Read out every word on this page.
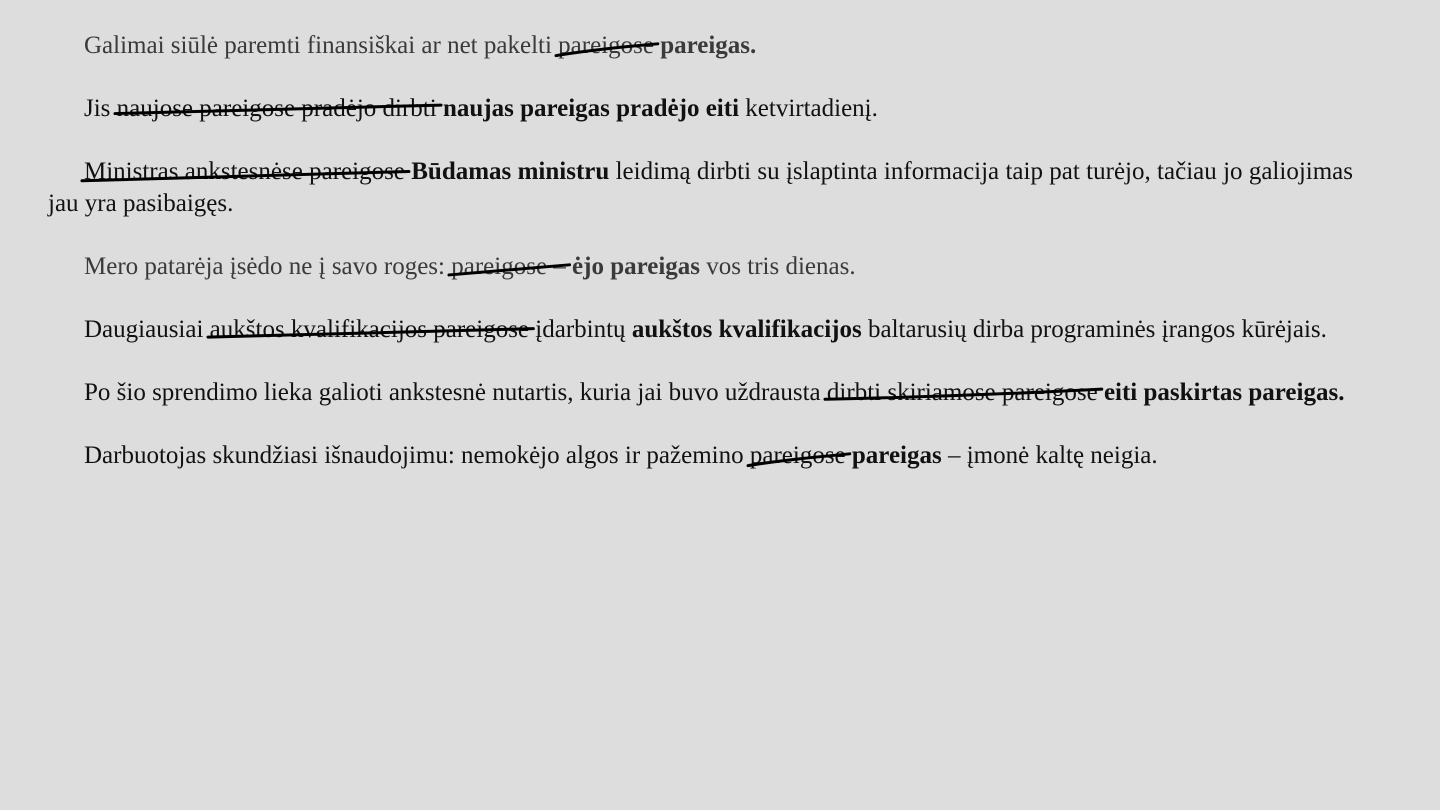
Galimai siūlė paremti finansiškai ar net pakelti pareigose pareigas.

Jis naujose pareigose pradėjo dirbti naujas pareigas pradėjo eiti ketvirtadienį.

Ministras ankstesnėse pareigose Būdamas ministru leidimą dirbti su įslaptinta informacija taip pat turėjo, tačiau jo galiojimas jau yra pasibaigęs.

Mero patarėja įsėdo ne į savo roges: pareigose – ėjo pareigas vos tris dienas.

Daugiausiai aukštos kvalifikacijos pareigose
įdarbintų aukštos kvalifikacijos baltarusių dirba programinės įrangos kūrėjais.

Po šio sprendimo lieka galioti ankstesnė nutartis, kuria jai buvo uždrausta dirbti skiriamose pareigose eiti paskirtas pareigas.

Darbuotojas skundžiasi išnaudojimu: nemokėjo algos ir pažemino pareigose pareigas – įmonė kaltę neigia.
